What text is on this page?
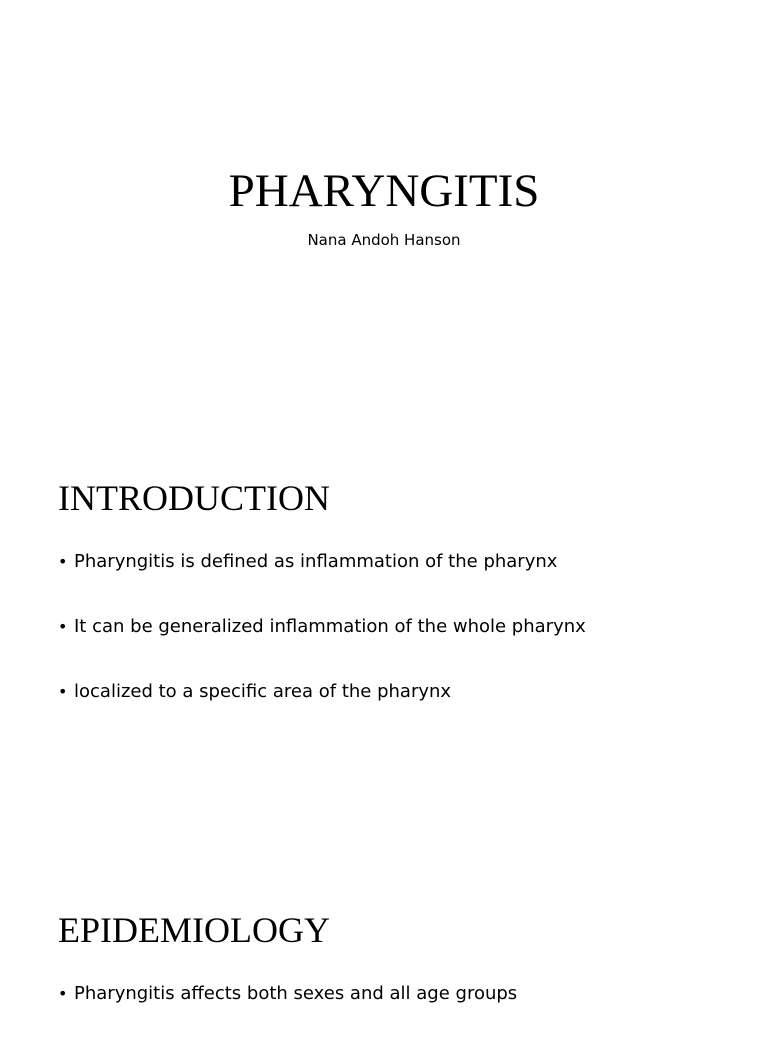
PHARYNGITIS
Nana Andoh Hanson
INTRODUCTION
• Pharyngitis is defined as inflammation of the pharynx
• It can be generalized inflammation of the whole pharynx
• localized to a specific area of the pharynx
EPIDEMIOLOGY
• Pharyngitis affects both sexes and all age groups
